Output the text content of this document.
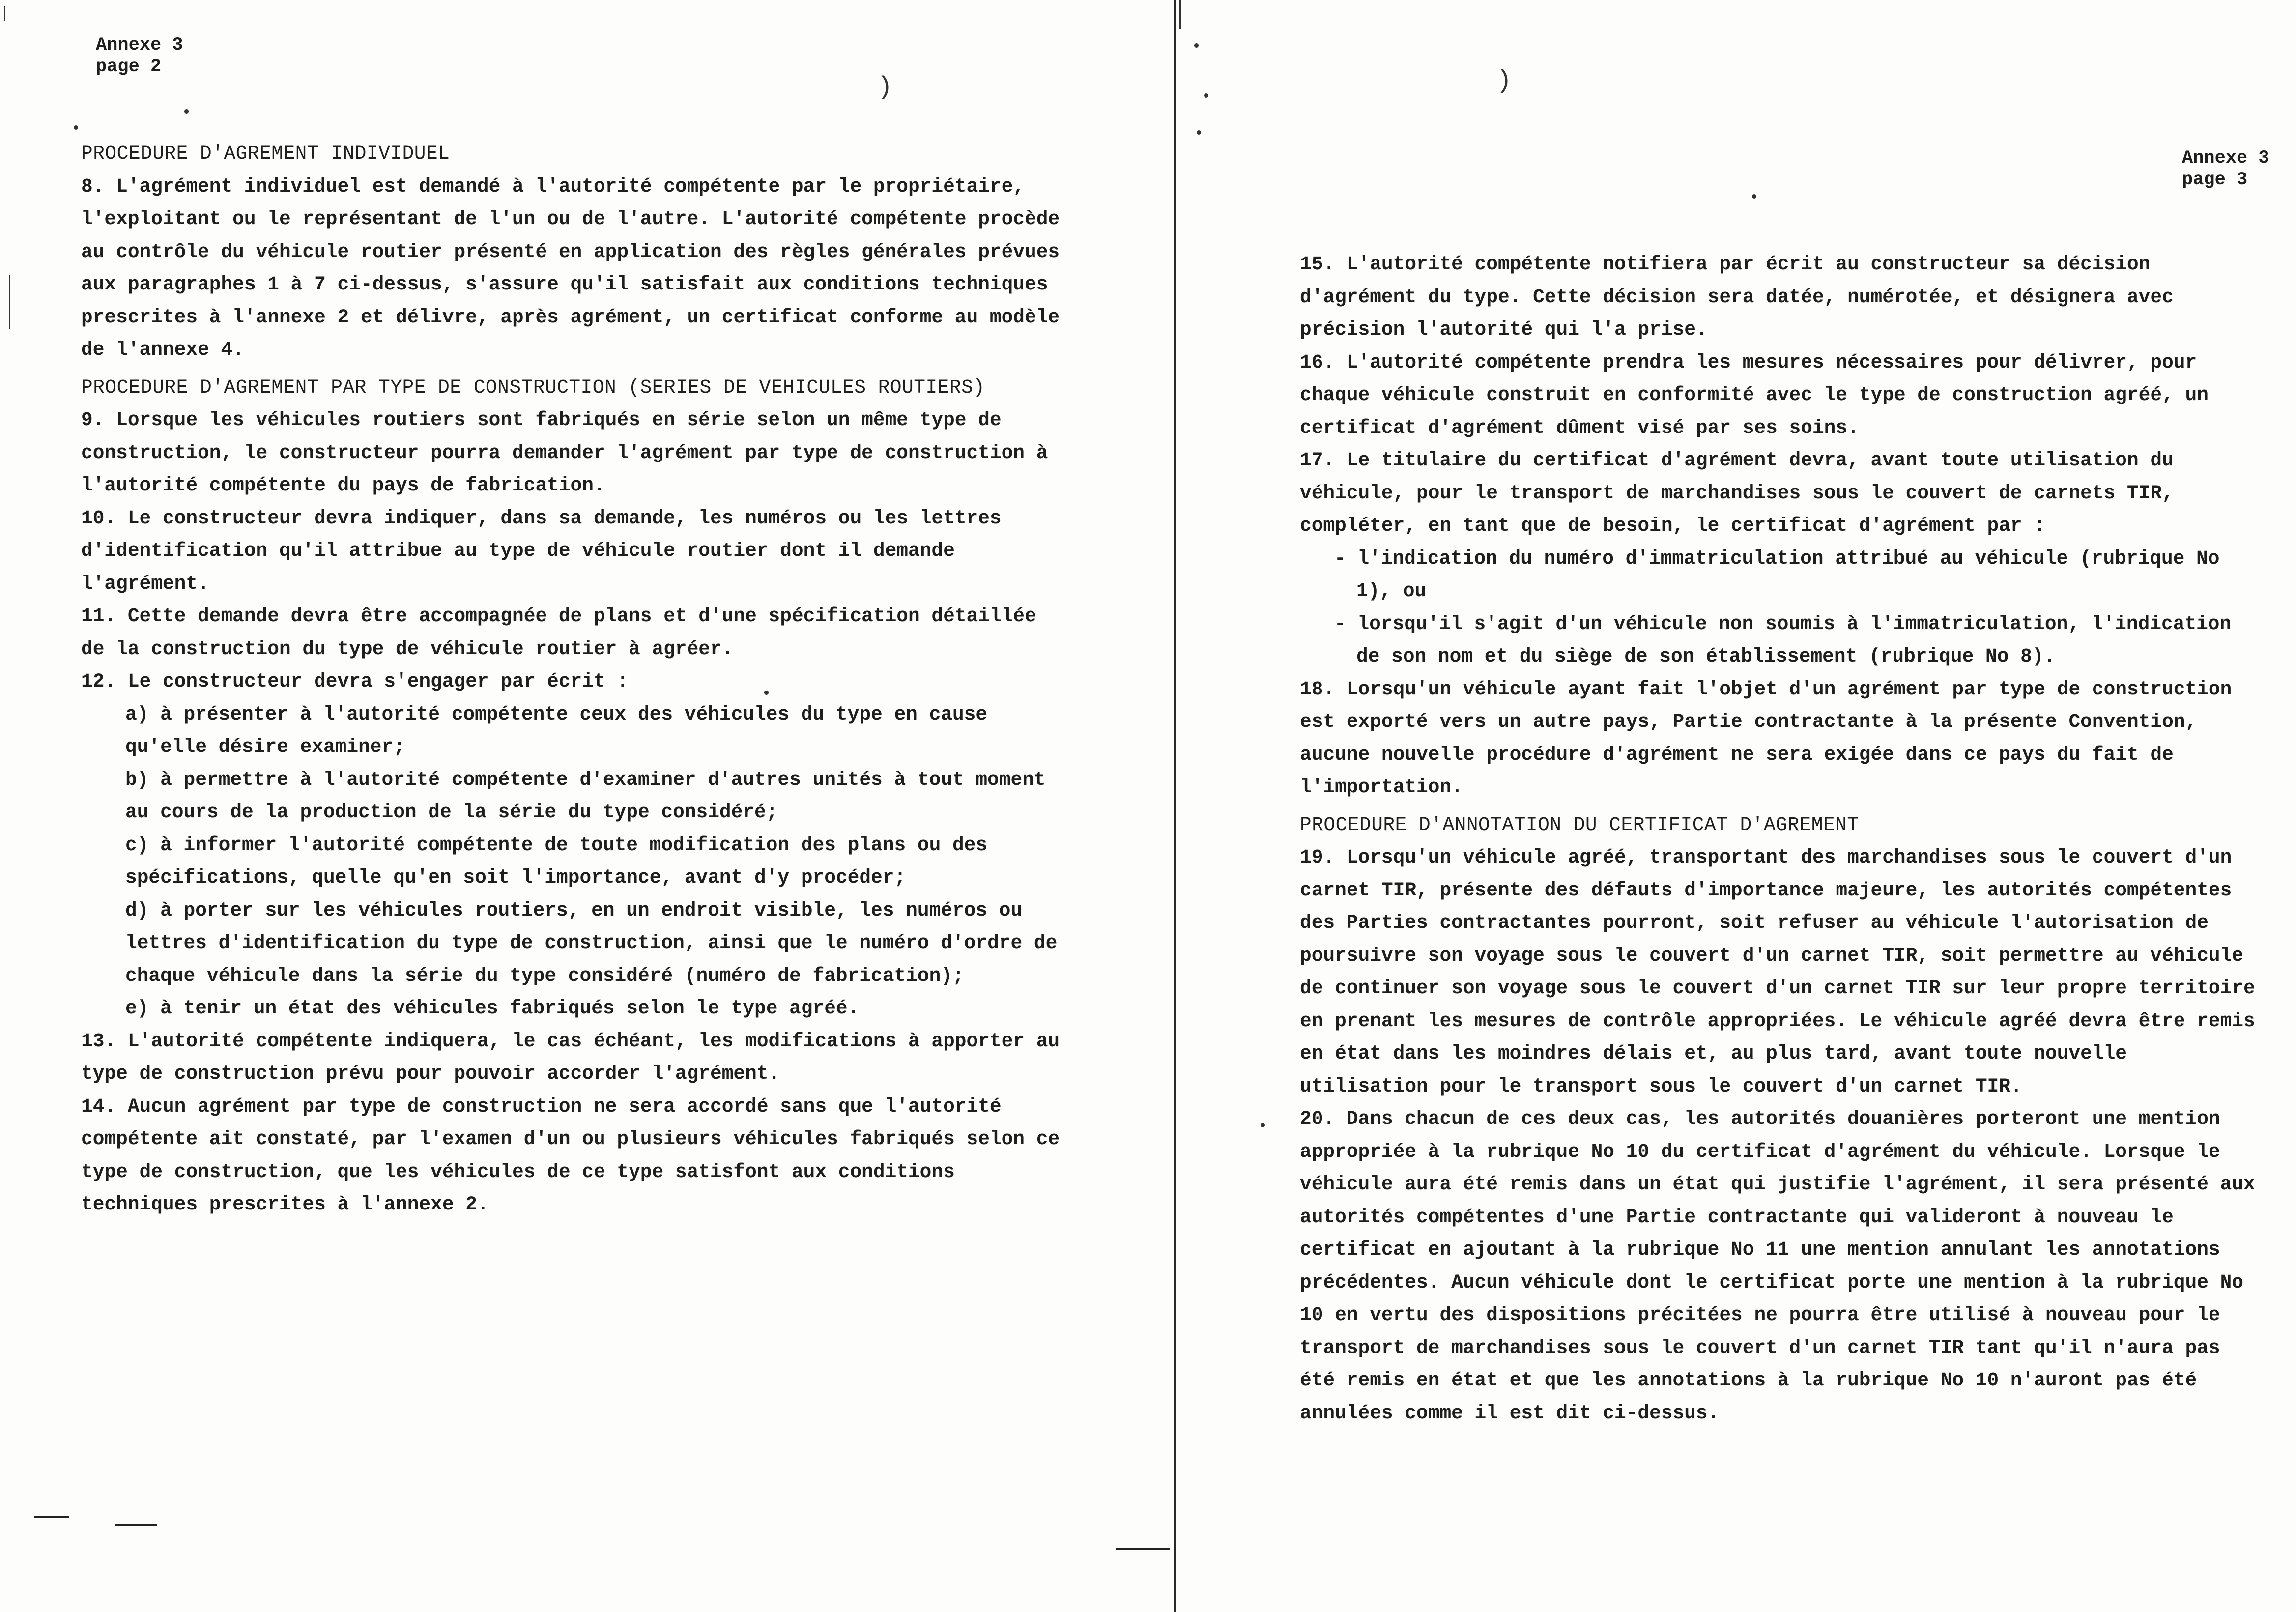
Annexe 3
page 2
)

PROCEDURE D'AGREMENT INDIVIDUEL

8. L'agrément individuel est demandé à l'autorité compétente par le propriétaire, l'exploitant ou le représentant de l'un ou de l'autre. L'autorité compétente procède au contrôle du véhicule routier présenté en application des règles générales prévues aux paragraphes 1 à 7 ci-dessus, s'assure qu'il satisfait aux conditions techniques prescrites à l'annexe 2 et délivre, après agrément, un certificat conforme au modèle de l'annexe 4.

PROCEDURE D'AGREMENT PAR TYPE DE CONSTRUCTION (SERIES DE VEHICULES ROUTIERS)

9. Lorsque les véhicules routiers sont fabriqués en série selon un même type de construction, le constructeur pourra demander l'agrément par type de construction à l'autorité compétente du pays de fabrication.

10. Le constructeur devra indiquer, dans sa demande, les numéros ou les lettres d'identification qu'il attribue au type de véhicule routier dont il demande l'agrément.

11. Cette demande devra être accompagnée de plans et d'une spécification détaillée de la construction du type de véhicule routier à agréer.

12. Le constructeur devra s'engager par écrit :

a) à présenter à l'autorité compétente ceux des véhicules du type en cause qu'elle désire examiner;

b) à permettre à l'autorité compétente d'examiner d'autres unités à tout moment au cours de la production de la série du type considéré;

c) à informer l'autorité compétente de toute modification des plans ou des spécifications, quelle qu'en soit l'importance, avant d'y procéder;

d) à porter sur les véhicules routiers, en un endroit visible, les numéros ou lettres d'identification du type de construction, ainsi que le numéro d'ordre de chaque véhicule dans la série du type considéré (numéro de fabrication);

e) à tenir un état des véhicules fabriqués selon le type agréé.

13. L'autorité compétente indiquera, le cas échéant, les modifications à apporter au type de construction prévu pour pouvoir accorder l'agrément.

14. Aucun agrément par type de construction ne sera accordé sans que l'autorité compétente ait constaté, par l'examen d'un ou plusieurs véhicules fabriqués selon ce type de construction, que les véhicules de ce type satisfont aux conditions techniques prescrites à l'annexe 2.

)
Annexe 3
page 3

15. L'autorité compétente notifiera par écrit au constructeur sa décision d'agrément du type. Cette décision sera datée, numérotée, et désignera avec précision l'autorité qui l'a prise.

16. L'autorité compétente prendra les mesures nécessaires pour délivrer, pour chaque véhicule construit en conformité avec le type de construction agréé, un certificat d'agrément dûment visé par ses soins.

17. Le titulaire du certificat d'agrément devra, avant toute utilisation du véhicule, pour le transport de marchandises sous le couvert de carnets TIR, compléter, en tant que de besoin, le certificat d'agrément par :

- l'indication du numéro d'immatriculation attribué au véhicule (rubrique No 1), ou

- lorsqu'il s'agit d'un véhicule non soumis à l'immatriculation, l'indication de son nom et du siège de son établissement (rubrique No 8).

18. Lorsqu'un véhicule ayant fait l'objet d'un agrément par type de construction est exporté vers un autre pays, Partie contractante à la présente Convention, aucune nouvelle procédure d'agrément ne sera exigée dans ce pays du fait de l'importation.

PROCEDURE D'ANNOTATION DU CERTIFICAT D'AGREMENT

19. Lorsqu'un véhicule agréé, transportant des marchandises sous le couvert d'un carnet TIR, présente des défauts d'importance majeure, les autorités compétentes des Parties contractantes pourront, soit refuser au véhicule l'autorisation de poursuivre son voyage sous le couvert d'un carnet TIR, soit permettre au véhicule de continuer son voyage sous le couvert d'un carnet TIR sur leur propre territoire en prenant les mesures de contrôle appropriées. Le véhicule agréé devra être remis en état dans les moindres délais et, au plus tard, avant toute nouvelle utilisation pour le transport sous le couvert d'un carnet TIR.

20. Dans chacun de ces deux cas, les autorités douanières porteront une mention appropriée à la rubrique No 10 du certificat d'agrément du véhicule. Lorsque le véhicule aura été remis dans un état qui justifie l'agrément, il sera présenté aux autorités compétentes d'une Partie contractante qui valideront à nouveau le certificat en ajoutant à la rubrique No 11 une mention annulant les annotations précédentes. Aucun véhicule dont le certificat porte une mention à la rubrique No 10 en vertu des dispositions précitées ne pourra être utilisé à nouveau pour le transport de marchandises sous le couvert d'un carnet TIR tant qu'il n'aura pas été remis en état et que les annotations à la rubrique No 10 n'auront pas été annulées comme il est dit ci-dessus.
